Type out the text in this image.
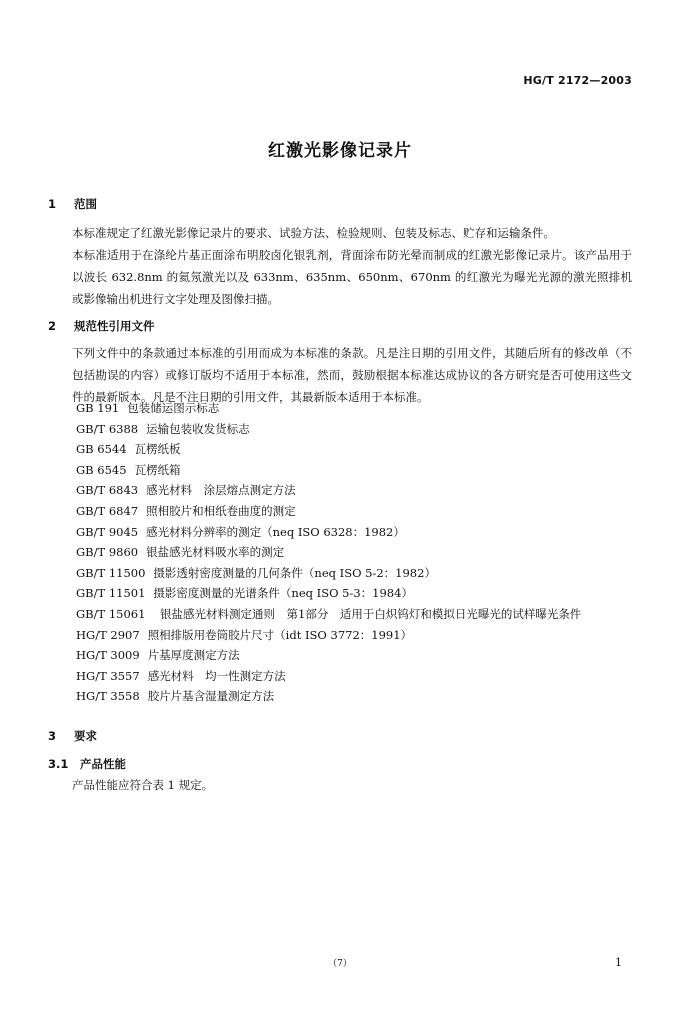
HG/T 2172—2003
红激光影像记录片
1 范围
本标准规定了红激光影像记录片的要求、试验方法、检验规则、包装及标志、贮存和运输条件。
本标准适用于在涤纶片基正面涂布明胶卤化银乳剂，背面涂布防光晕而制成的红激光影像记录片。该产品用于以波长 632.8nm 的氦氖激光以及 633nm、635nm、650nm、670nm 的红激光为曝光光源的激光照排机或影像输出机进行文字处理及图像扫描。
2 规范性引用文件
下列文件中的条款通过本标准的引用而成为本标准的条款。凡是注日期的引用文件，其随后所有的修改单（不包括勘误的内容）或修订版均不适用于本标准，然而，鼓励根据本标准达成协议的各方研究是否可使用这些文件的最新版本。凡是不注日期的引用文件，其最新版本适用于本标准。
GB 191 包装储运图示标志
GB/T 6388 运输包装收发货标志
GB 6544 瓦楞纸板
GB 6545 瓦楞纸箱
GB/T 6843 感光材料　涂层熔点测定方法
GB/T 6847 照相胶片和相纸卷曲度的测定
GB/T 9045 感光材料分辨率的测定（neq ISO 6328：1982）
GB/T 9860 银盐感光材料吸水率的测定
GB/T 11500 摄影透射密度测量的几何条件（neq ISO 5-2：1982）
GB/T 11501 摄影密度测量的光谱条件（neq ISO 5-3：1984）
GB/T 15061	银盐感光材料测定通则　第1部分　适用于白炽钨灯和模拟日光曝光的试样曝光条件
HG/T 2907 照相排版用卷筒胶片尺寸（idt ISO 3772：1991）
HG/T 3009 片基厚度测定方法
HG/T 3557 感光材料　均一性测定方法
HG/T 3558 胶片片基含湿量测定方法
3 要求
3.1 产品性能
产品性能应符合表 1 规定。
（7）	1
